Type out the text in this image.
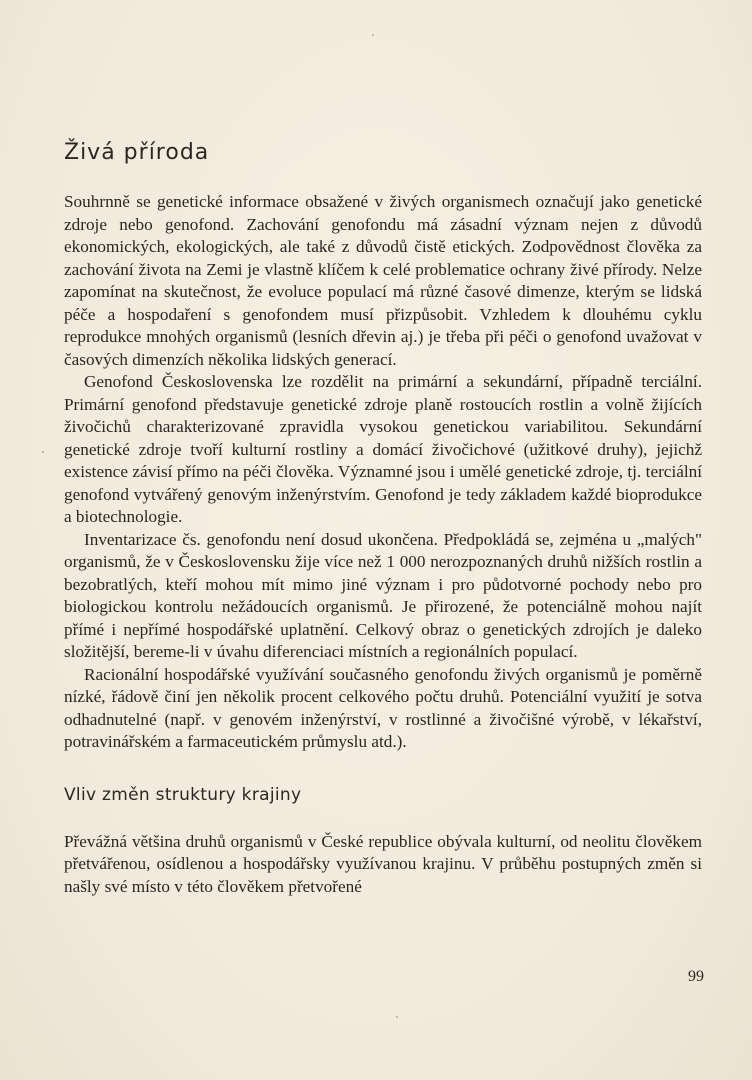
Živá příroda

Souhrnně se genetické informace obsažené v živých organismech označují jako genetické zdroje nebo genofond. Zachování genofondu má zásadní význam nejen z důvodů ekonomických, ekologických, ale také z důvodů čistě etických. Zodpovědnost člověka za zachování života na Zemi je vlastně klíčem k celé problematice ochrany živé přírody. Nelze zapomínat na skutečnost, že evoluce populací má různé časové dimenze, kterým se lidská péče a hospodaření s genofondem musí přizpůsobit. Vzhledem k dlouhému cyklu reprodukce mnohých organismů (lesních dřevin aj.) je třeba při péči o genofond uvažovat v časových dimenzích několika lidských generací.

Genofond Československa lze rozdělit na primární a sekundární, případně terciální. Primární genofond představuje genetické zdroje planě rostoucích rostlin a volně žijících živočichů charakterizované zpravidla vysokou genetickou variabilitou. Sekundární genetické zdroje tvoří kulturní rostliny a domácí živočichové (užitkové druhy), jejichž existence závisí přímo na péči člověka. Významné jsou i umělé genetické zdroje, tj. terciální genofond vytvářený genovým inženýrstvím. Genofond je tedy základem každé bioprodukce a biotechnologie.

Inventarizace čs. genofondu není dosud ukončena. Předpokládá se, zejména u „malých" organismů, že v Československu žije více než 1 000 nerozpoznaných druhů nižších rostlin a bezobratlých, kteří mohou mít mimo jiné význam i pro půdotvorné pochody nebo pro biologickou kontrolu nežádoucích organismů. Je přirozené, že potenciálně mohou najít přímé i nepřímé hospodářské uplatnění. Celkový obraz o genetických zdrojích je daleko složitější, bereme-li v úvahu diferenciaci místních a regionálních populací.

Racionální hospodářské využívání současného genofondu živých organismů je poměrně nízké, řádově činí jen několik procent celkového počtu druhů. Potenciální využití je sotva odhadnutelné (např. v genovém inženýrství, v rostlinné a živočišné výrobě, v lékařství, potravinářském a farmaceutickém průmyslu atd.).

Vliv změn struktury krajiny

Převážná většina druhů organismů v České republice obývala kulturní, od neolitu člověkem přetvářenou, osídlenou a hospodářsky využívanou krajinu. V průběhu postupných změn si našly své místo v této člověkem přetvořené

99
